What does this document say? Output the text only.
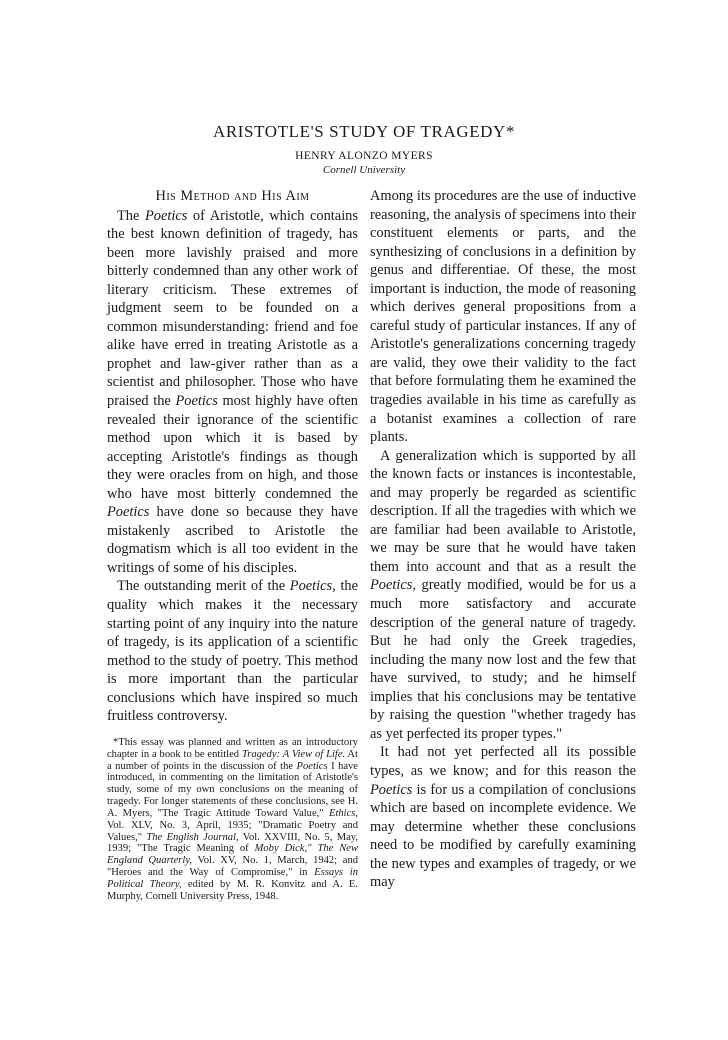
ARISTOTLE'S STUDY OF TRAGEDY*
HENRY ALONZO MYERS
Cornell University
His Method and His Aim

The Poetics of Aristotle, which contains the best known definition of tragedy, has been more lavishly praised and more bitterly condemned than any other work of literary criticism. These extremes of judgment seem to be founded on a common misunderstanding: friend and foe alike have erred in treating Aristotle as a prophet and law-giver rather than as a scientist and philosopher. Those who have praised the Poetics most highly have often revealed their ignorance of the scientific method upon which it is based by accepting Aristotle's findings as though they were oracles from on high, and those who have most bitterly condemned the Poetics have done so because they have mistakenly ascribed to Aristotle the dogmatism which is all too evident in the writings of some of his disciples.

The outstanding merit of the Poetics, the quality which makes it the necessary starting point of any inquiry into the nature of tragedy, is its application of a scientific method to the study of poetry. This method is more important than the particular conclusions which have inspired so much fruitless controversy.

*This essay was planned and written as an introductory chapter in a book to be entitled Tragedy: A View of Life. At a number of points in the discussion of the Poetics I have introduced, in commenting on the limitation of Aristotle's study, some of my own conclusions on the meaning of tragedy. For longer statements of these conclusions, see H. A. Myers, "The Tragic Attitude Toward Value," Ethics, Vol. XLV, No. 3, April, 1935; "Dramatic Poetry and Values," The English Journal, Vol. XXVIII, No. 5, May, 1939; "The Tragic Meaning of Moby Dick," The New England Quarterly, Vol. XV, No. 1, March, 1942; and "Heroes and the Way of Compromise," in Essays in Political Theory, edited by M. R. Konvitz and A. E. Murphy, Cornell University Press, 1948.

Among its procedures are the use of inductive reasoning, the analysis of specimens into their constituent elements or parts, and the synthesizing of conclusions in a definition by genus and differentiae. Of these, the most important is induction, the mode of reasoning which derives general propositions from a careful study of particular instances. If any of Aristotle's generalizations concerning tragedy are valid, they owe their validity to the fact that before formulating them he examined the tragedies available in his time as carefully as a botanist examines a collection of rare plants.

A generalization which is supported by all the known facts or instances is incontestable, and may properly be regarded as scientific description. If all the tragedies with which we are familiar had been available to Aristotle, we may be sure that he would have taken them into account and that as a result the Poetics, greatly modified, would be for us a much more satisfactory and accurate description of the general nature of tragedy. But he had only the Greek tragedies, including the many now lost and the few that have survived, to study; and he himself implies that his conclusions may be tentative by raising the question "whether tragedy has as yet perfected its proper types."

It had not yet perfected all its possible types, as we know; and for this reason the Poetics is for us a compilation of conclusions which are based on incomplete evidence. We may determine whether these conclusions need to be modified by carefully examining the new types and examples of tragedy, or we may
